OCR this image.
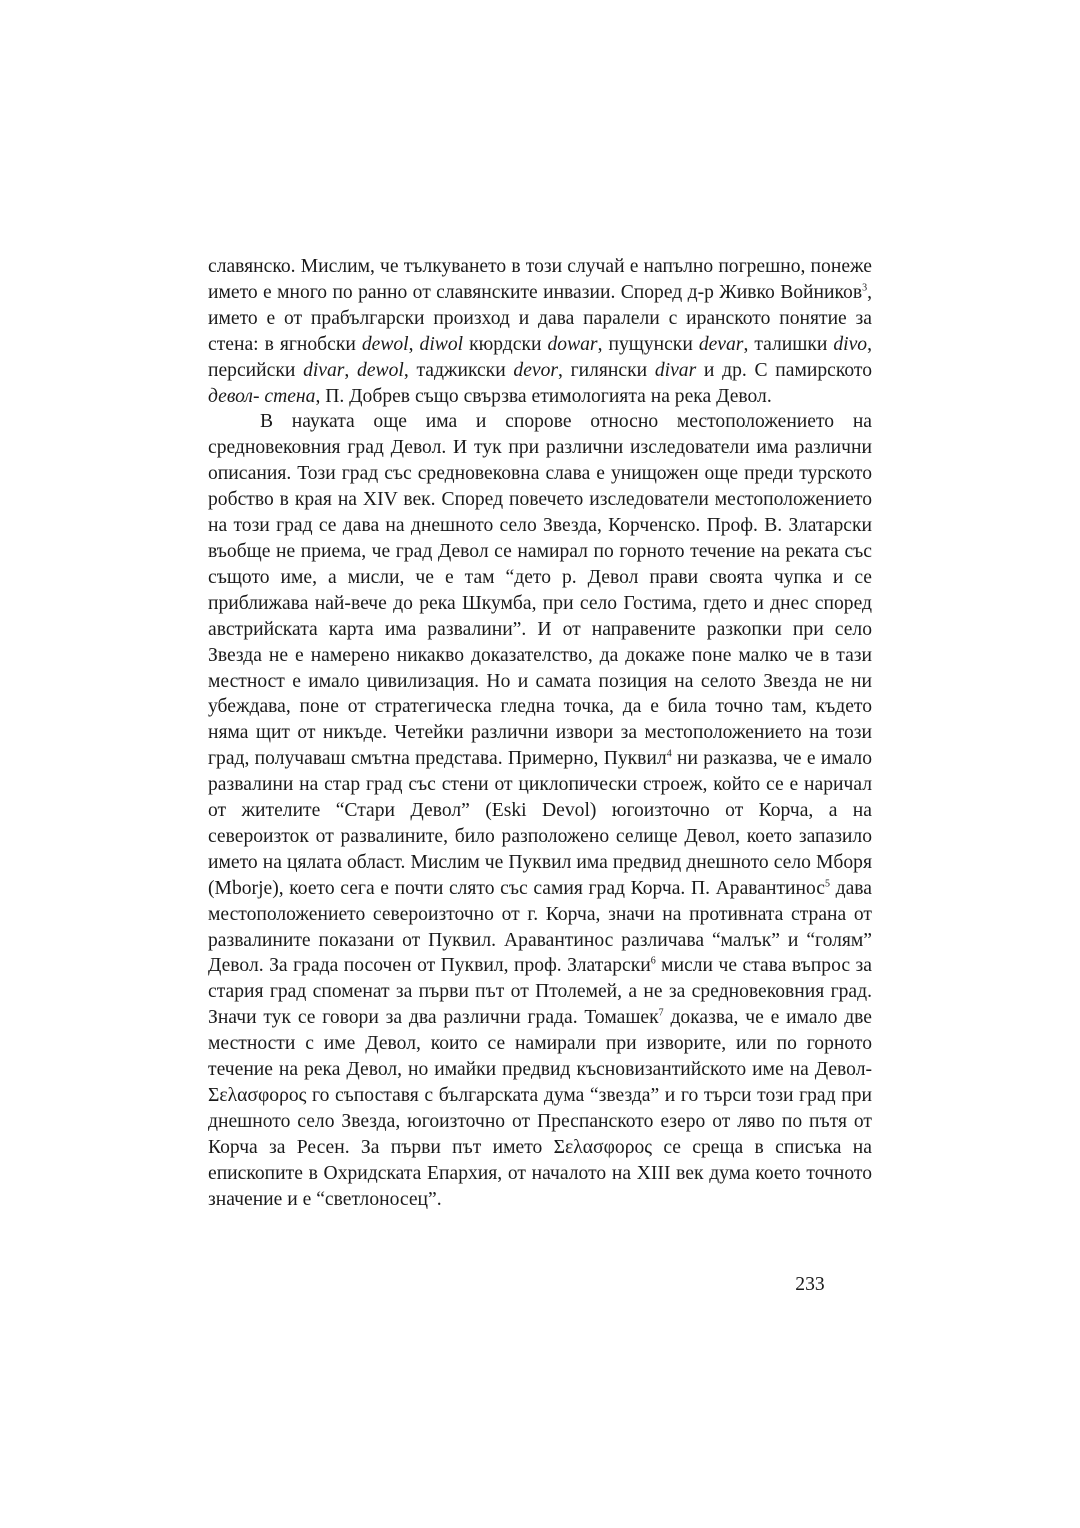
славянско. Мислим, че тълкуването в този случай е напълно погрешно, понеже името е много по ранно от славянските инвазии. Според д-р Живко Войников$^3$, името е от прабългарски произход и дава паралели с иранското понятие за стена: в ягнобски dewol, diwol кюрдски dowar, пущунски devar, талишки divo, персийски divar, dewol, таджикски devor, гилянски divar и др. С памирското девол- стена, П. Добрев също свързва етимологията на река Девол.

В науката още има и спорове относно местоположението на средновековния град Девол. И тук при различни изследователи има различни описания. Този град със средновековна слава е унищожен още преди турското робство в края на XIV век. Според повечето изследователи местоположението на този град се дава на днешното село Звезда, Корченско. Проф. В. Златарски въобще не приема, че град Девол се намирал по горното течение на реката със същото име, а мисли, че е там “дето р. Девол прави своята чупка и се приближава най-вече до река Шкумба, при село Гостима, гдето и днес според австрийската карта има развалини”. И от направените разкопки при село Звезда не е намерено никакво доказателство, да докаже поне малко че в тази местност е имало цивилизация. Но и самата позиция на селото Звезда не ни убеждава, поне от стратегическа гледна точка, да е била точно там, където няма щит от никъде. Четейки различни извори за местоположението на този град, получаваш смътна представа. Примерно, Пуквил$^4$ ни разказва, че е имало развалини на стар град със стени от циклопически строеж, който се е наричал от жителите “Стари Девол” (Eski Devol) югоизточно от Корча, а на североизток от развалините, било разположено селище Девол, което запазило името на цялата област. Мислим че Пуквил има предвид днешното село Мборя (Mborje), което сега е почти слято със самия град Корча. П. Аравантинос$^5$ дава местоположението североизточно от г. Корча, значи на противната страна от развалините показани от Пуквил. Аравантинос различава “малък” и “голям” Девол. За града посочен от Пуквил, проф. Златарски$^6$ мисли че става въпрос за стария град споменат за първи път от Птолемей, а не за средновековния град. Значи тук се говори за два различни града. Томашек$^7$ доказва, че е имало две местности с име Девол, които се намирали при изворите, или по горното течение на река Девол, но имайки предвид късновизантийското име на Девол- Σελασφορος го съпоставя с българската дума “звезда” и го търси този град при днешното село Звезда, югоизточно от Преспанското езеро от ляво по пътя от Корча за Ресен. За първи път името Σελασφορος се среща в списъка на епископите в Охридската Епархия, от началото на XIII век дума което точното значение и е “светлоносец”.

233
